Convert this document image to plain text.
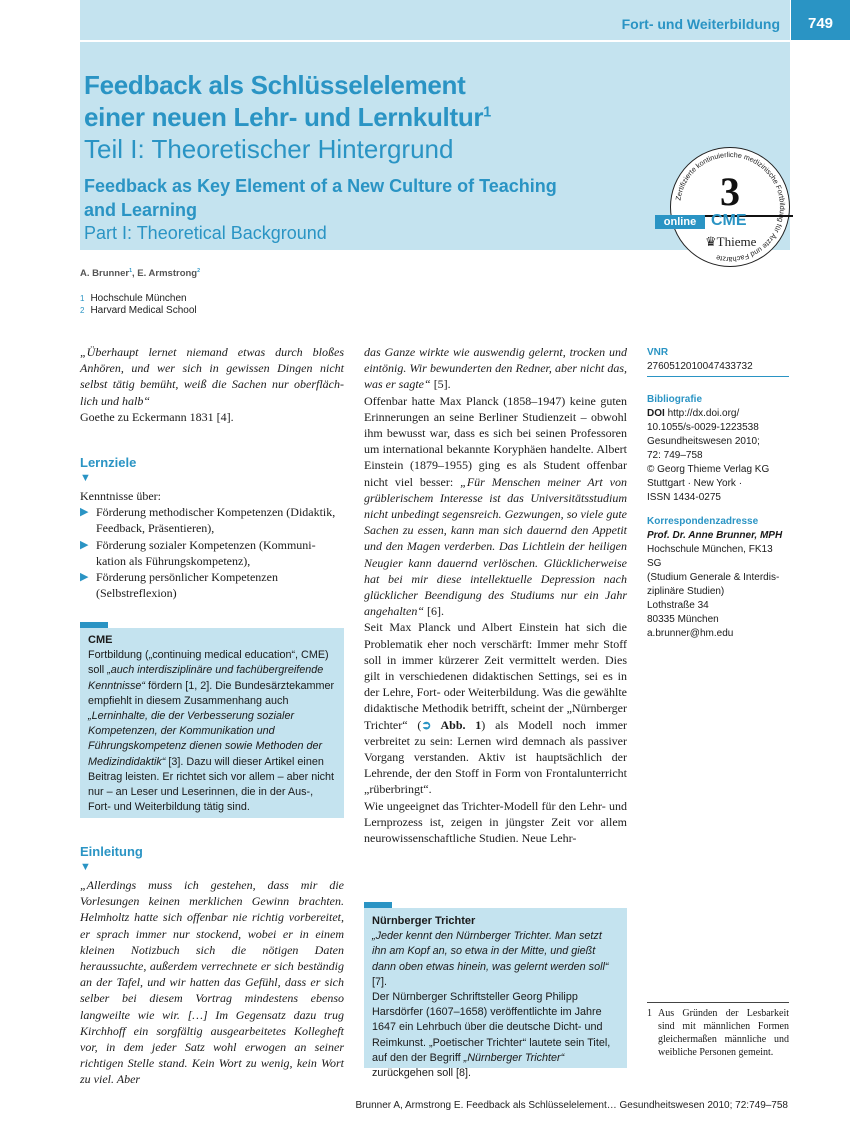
Fort- und Weiterbildung	749
Feedback als Schlüsselelement
einer neuen Lehr- und Lernkultur$^1$
Teil I: Theoretischer Hintergrund
Feedback as Key Element of a New Culture of Teaching
and Learning
Part I: Theoretical Background
Zertifizierte kontinuierliche medizinische Fortbildu g für Ärzte und Fachärzte
3
online CME
♛Thieme
A. Brunner$^1$, E. Armstrong$^2$
1 Hochschule München
2 Harvard Medical School
„Überhaupt lernet niemand etwas durch bloßes
Anhören, und wer sich in gewissen Dingen nicht
selbst tätig bemüht, weiß die Sachen nur oberfläch-
lich und halb“
Goethe zu Eckermann 1831 [4].

Lernziele

▼
Kenntnisse über:
▶ Förderung methodischer Kompetenzen (Didaktik, Feedback, Präsentieren),
▶ Förderung sozialer Kompetenzen (Kommuni-kation als Führungskompetenz),
▶ Förderung persönlicher Kompetenzen (Selbstreflexion)
CME
Fortbildung („continuing medical education“, CME) soll „auch interdisziplinäre und fachübergreifende Kenntnisse“ fördern [1, 2]. Die Bundesärztekammer empfiehlt in diesem Zusammenhang auch „Lerninhalte, die der Verbesserung sozialer Kompetenzen, der Kommunikation und Führungskompetenz dienen sowie Methoden der Medizindidaktik“ [3]. Dazu will dieser Artikel einen Beitrag leisten. Er richtet sich vor allem – aber nicht nur – an Leser und Leserinnen, die in der Aus-, Fort- und Weiterbildung tätig sind.

Einleitung

▼
„Allerdings muss ich gestehen, dass mir die Vorlesungen keinen merklichen Gewinn brachten. Helmholtz hatte sich offenbar nie richtig vorbereitet, er sprach immer nur stockend, wobei er in einem kleinen Notizbuch sich die nötigen Daten heraussuchte, außerdem verrechnete er sich beständig an der Tafel, und wir hatten das Gefühl, dass er sich selber bei diesem Vortrag mindestens ebenso langweilte wie wir. […] Im Gegensatz dazu trug Kirchhoff ein sorgfältig ausgearbeitetes Kollegheft vor, in dem jeder Satz wohl erwogen an seiner richtigen Stelle stand. Kein Wort zu wenig, kein Wort zu viel. Aber
das Ganze wirkte wie auswendig gelernt, trocken und eintönig. Wir bewunderten den Redner, aber nicht das, was er sagte“ [5].
Offenbar hatte Max Planck (1858–1947) keine guten Erinnerungen an seine Berliner Studienzeit – obwohl ihm bewusst war, dass es sich bei seinen Professoren um international bekannte Koryphäen handelte. Albert Einstein (1879–1955) ging es als Student offenbar nicht viel besser: „Für Menschen meiner Art von grüblerischem Interesse ist das Universitätsstudium nicht unbedingt segensreich. Gezwungen, so viele gute Sachen zu essen, kann man sich dauernd den Appetit und den Magen verderben. Das Lichtlein der heiligen Neugier kann dauernd verlöschen. Glücklicherweise hat bei mir diese intellektuelle Depression nach glücklicher Beendigung des Studiums nur ein Jahr angehalten“ [6].
Seit Max Planck und Albert Einstein hat sich die Problematik eher noch verschärft: Immer mehr Stoff soll in immer kürzerer Zeit vermittelt werden. Dies gilt in verschiedenen didaktischen Settings, sei es in der Lehre, Fort- oder Weiterbildung. Was die gewählte didaktische Methodik betrifft, scheint der „Nürnberger Trichter“ (➲ Abb. 1) als Modell noch immer verbreitet zu sein: Lernen wird demnach als passiver Vorgang verstanden. Aktiv ist hauptsächlich der Lehrende, der den Stoff in Form von Frontalunterricht „rüberbringt“.
Wie ungeeignet das Trichter-Modell für den Lehr- und Lernprozess ist, zeigen in jüngster Zeit vor allem neurowissenschaftliche Studien. Neue Lehr-
Nürnberger Trichter
„Jeder kennt den Nürnberger Trichter. Man setzt ihn am Kopf an, so etwa in der Mitte, und gießt dann oben etwas hinein, was gelernt werden soll“ [7].
Der Nürnberger Schriftsteller Georg Philipp Harsdörfer (1607–1658) veröffentlichte im Jahre 1647 ein Lehrbuch über die deutsche Dicht- und Reimkunst. „Poetischer Trichter“ lautete sein Titel, auf den der Begriff „Nürnberger Trichter“ zurückgehen soll [8].
VNR
2760512010047433732
Bibliografie
DOI http://dx.doi.org/
10.1055/s-0029-1223538
Gesundheitswesen 2010;
72: 749–758
© Georg Thieme Verlag KG
Stuttgart · New York ·
ISSN 1434-0275
Korrespondenzadresse
Prof. Dr. Anne Brunner, MPH
Hochschule München, FK13 SG
(Studium Generale & Interdis-
ziplinäre Studien)
Lothstraße 34
80335 München
a.brunner@hm.edu
1 Aus Gründen der Lesbarkeit sind mit männlichen Formen gleichermaßen männliche und weibliche Personen gemeint.
Brunner A, Armstrong E. Feedback als Schlüsselelement… Gesundheitswesen 2010; 72:749–758
